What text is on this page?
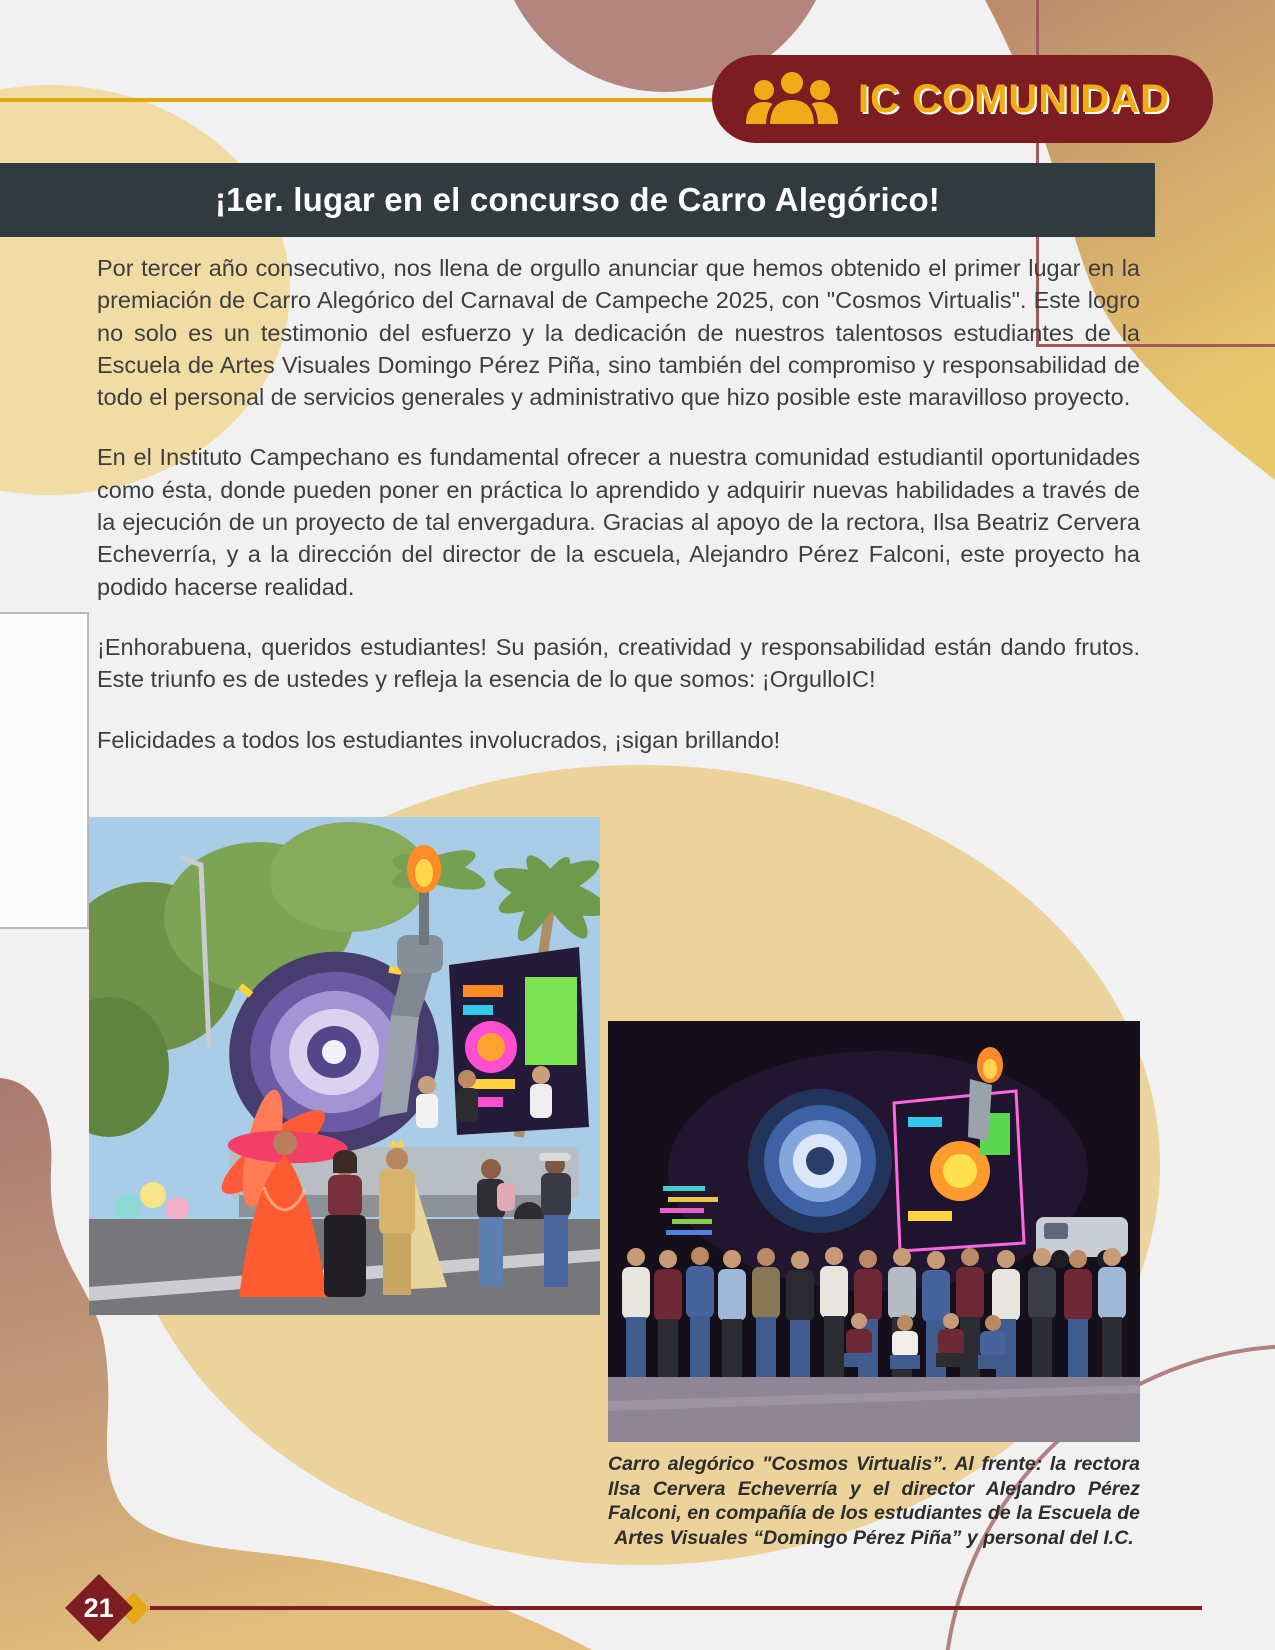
IC COMUNIDAD
¡1er. lugar en el concurso de Carro Alegórico!

Por tercer año consecutivo, nos llena de orgullo anunciar que hemos obtenido el primer lugar en la premiación de Carro Alegórico del Carnaval de Campeche 2025, con "Cosmos Virtualis". Este logro no solo es un testimonio del esfuerzo y la dedicación de nuestros talentosos estudiantes de la Escuela de Artes Visuales Domingo Pérez Piña, sino también del compromiso y responsabilidad de todo el personal de servicios generales y administrativo que hizo posible este maravilloso proyecto.

En el Instituto Campechano es fundamental ofrecer a nuestra comunidad estudiantil oportunidades como ésta, donde pueden poner en práctica lo aprendido y adquirir nuevas habilidades a través de la ejecución de un proyecto de tal envergadura. Gracias al apoyo de la rectora, Ilsa Beatriz Cervera Echeverría, y a la dirección del director de la escuela, Alejandro Pérez Falconi, este proyecto ha podido hacerse realidad.

¡Enhorabuena, queridos estudiantes! Su pasión, creatividad y responsabilidad están dando frutos. Este triunfo es de ustedes y refleja la esencia de lo que somos: ¡OrgulloIC!

Felicidades a todos los estudiantes involucrados, ¡sigan brillando!

Carro alegórico "Cosmos Virtualis”. Al frente: la rectora Ilsa Cervera Echeverría y el director Alejandro Pérez Falconi, en compañía de los estudiantes de la Escuela de Artes Visuales “Domingo Pérez Piña” y personal del I.C.

21
